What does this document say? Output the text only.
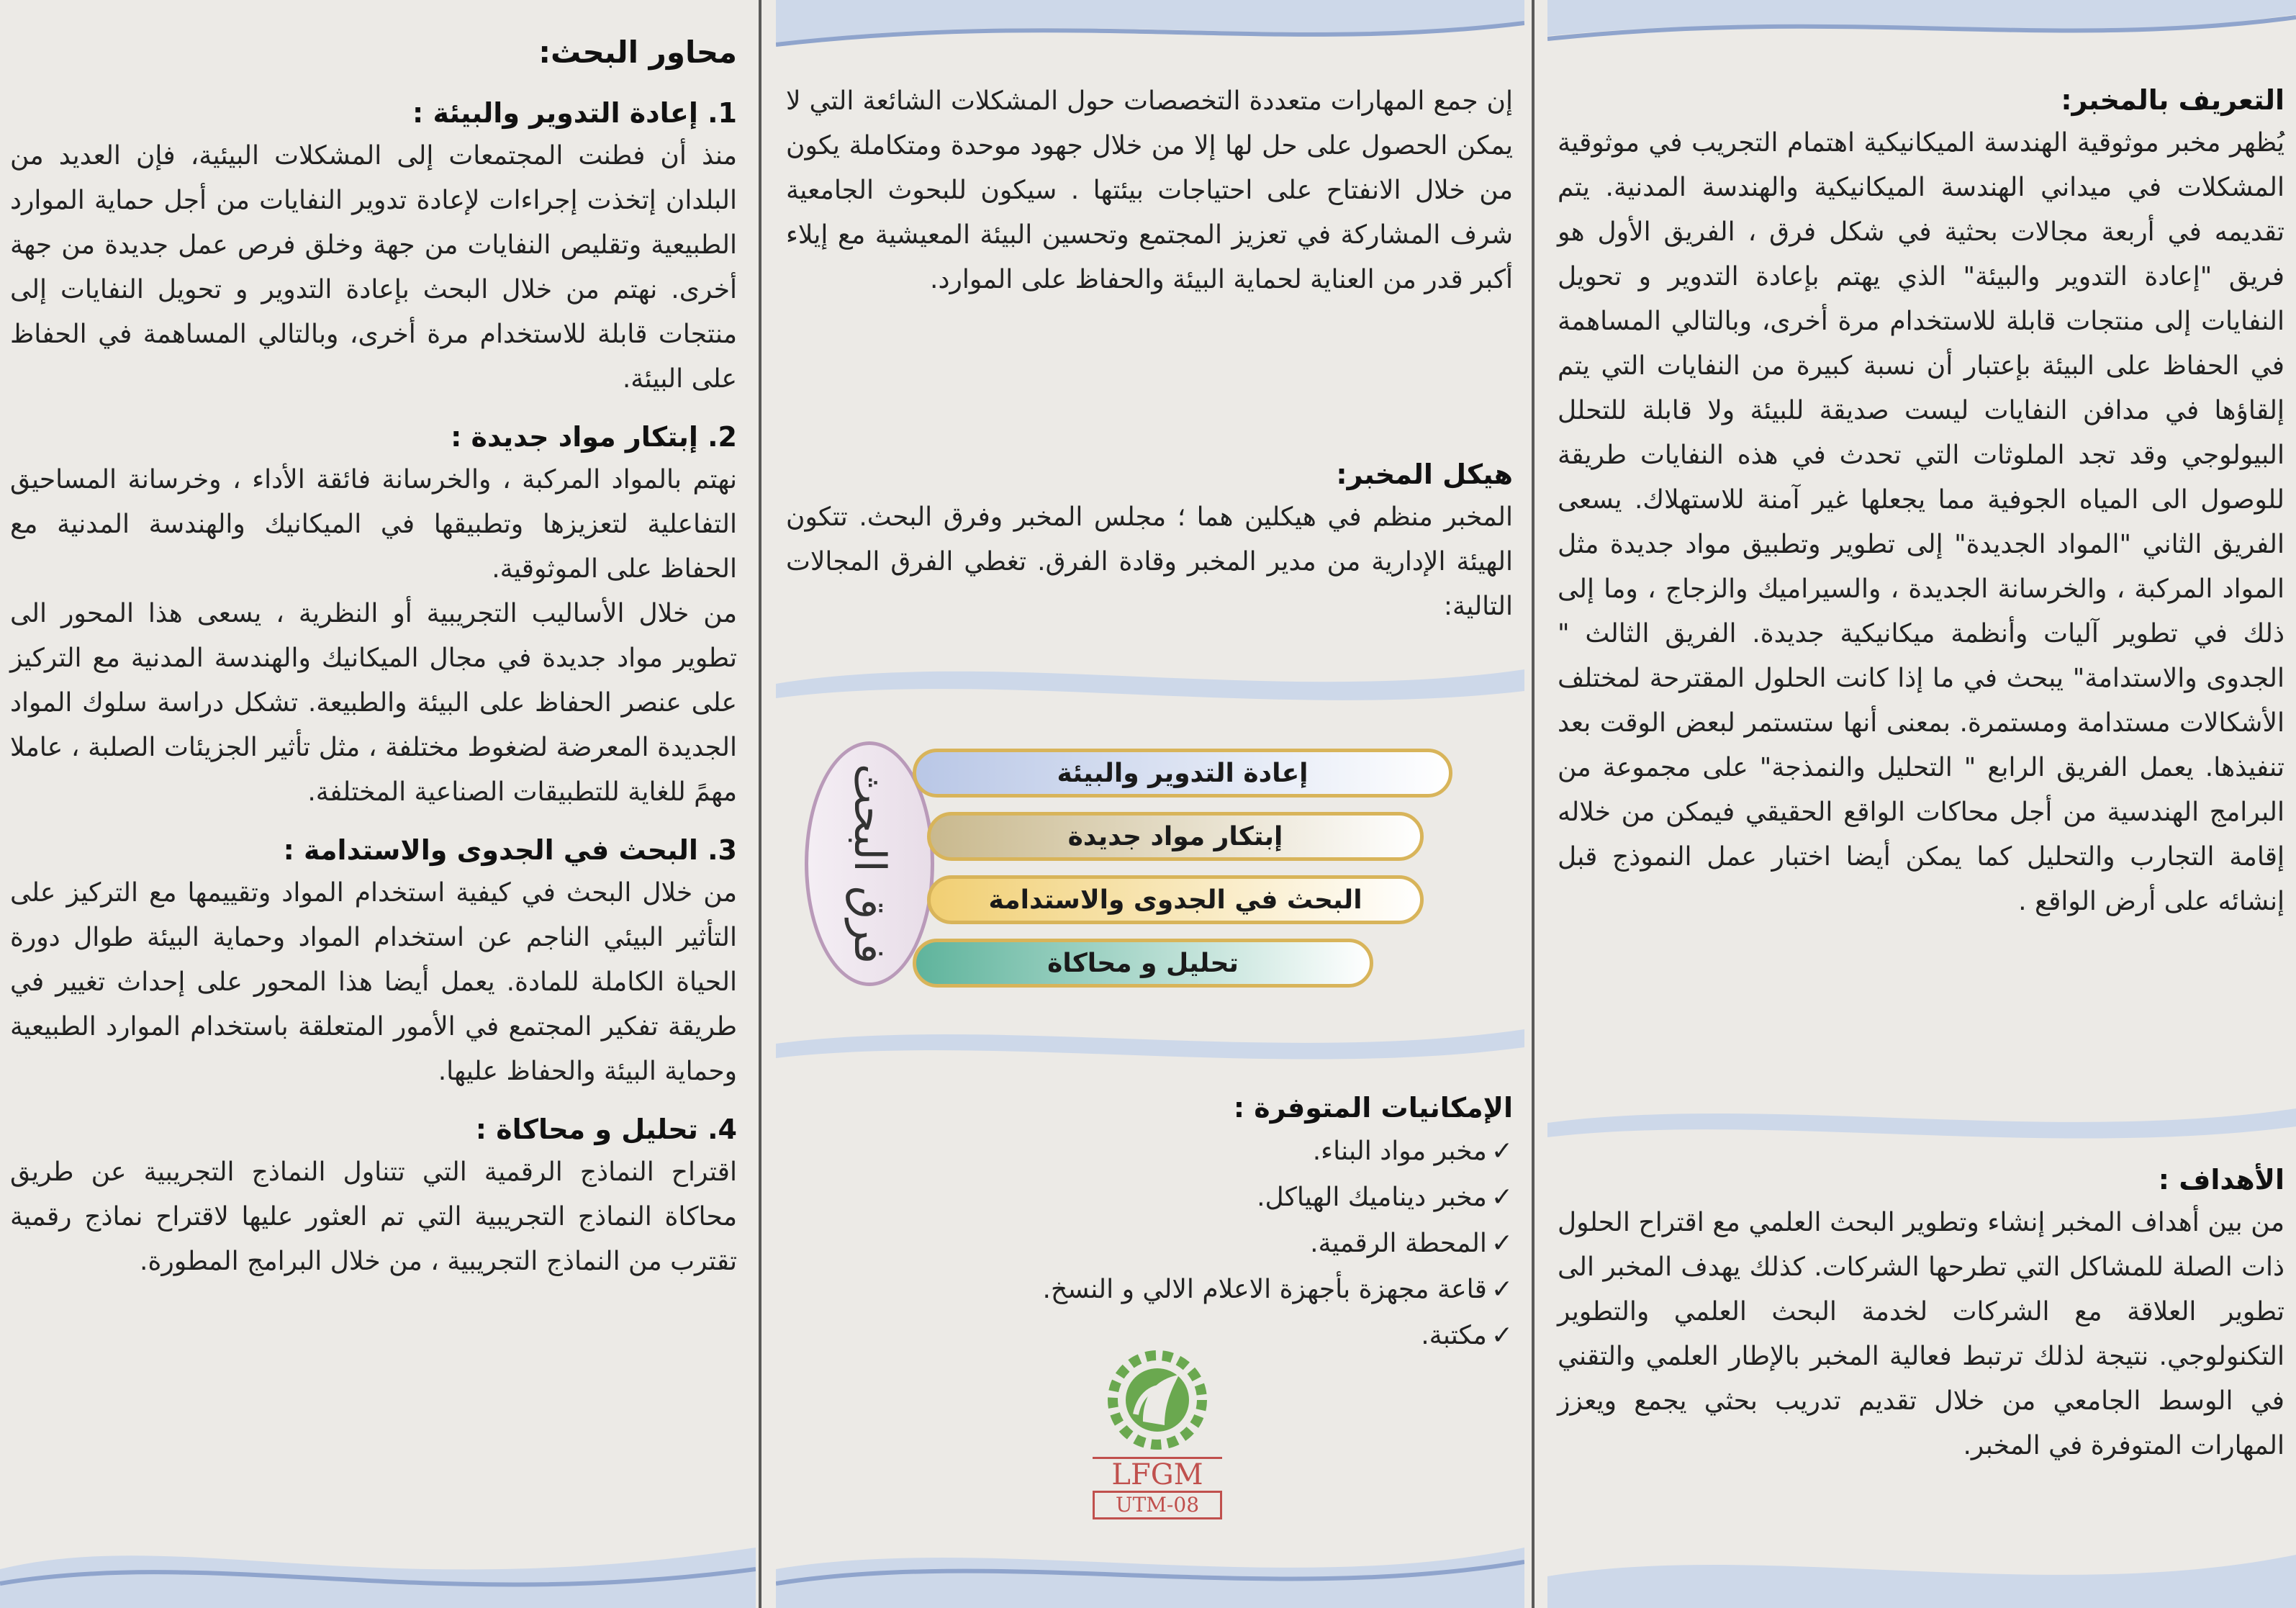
محاور البحث:
1. إعادة التدوير والبيئة :

منذ أن فطنت المجتمعات إلى المشكلات البيئية، فإن العديد من البلدان إتخذت إجراءات لإعادة تدوير النفايات من أجل حماية الموارد الطبيعية وتقليص النفايات من جهة وخلق فرص عمل جديدة من جهة أخرى. نهتم من خلال البحث بإعادة التدوير و تحويل النفايات إلى منتجات قابلة للاستخدام مرة أخرى، وبالتالي المساهمة في الحفاظ على البيئة.

2. إبتكار مواد جديدة :

نهتم بالمواد المركبة ، والخرسانة فائقة الأداء ، وخرسانة المساحيق التفاعلية لتعزيزها وتطبيقها في الميكانيك والهندسة المدنية مع الحفاظ على الموثوقية.

من خلال الأساليب التجريبية أو النظرية ، يسعى هذا المحور الى تطوير مواد جديدة في مجال الميكانيك والهندسة المدنية مع التركيز على عنصر الحفاظ على البيئة والطبيعة. تشكل دراسة سلوك المواد الجديدة المعرضة لضغوط مختلفة ، مثل تأثير الجزيئات الصلبة ، عاملا مهمً للغاية للتطبيقات الصناعية المختلفة.

3. البحث في الجدوى والاستدامة :

من خلال البحث في كيفية استخدام المواد وتقييمها مع التركيز على التأثير البيئي الناجم عن استخدام المواد وحماية البيئة طوال دورة الحياة الكاملة للمادة. يعمل أيضا هذا المحور على إحداث تغيير في طريقة تفكير المجتمع في الأمور المتعلقة باستخدام الموارد الطبيعية وحماية البيئة والحفاظ عليها.

4. تحليل و محاكاة :

اقتراح النماذج الرقمية التي تتناول النماذج التجريبية عن طريق محاكاة النماذج التجريبية التي تم العثور عليها لاقتراح نماذج رقمية تقترب من النماذج التجريبية ، من خلال البرامج المطورة.

إن جمع المهارات متعددة التخصصات حول المشكلات الشائعة التي لا يمكن الحصول على حل لها إلا من خلال جهود موحدة ومتكاملة يكون من خلال الانفتاح على احتياجات بيئتها . سيكون للبحوث الجامعية شرف المشاركة في تعزيز المجتمع وتحسين البيئة المعيشية مع إيلاء أكبر قدر من العناية لحماية البيئة والحفاظ على الموارد.

هيكل المخبر:

المخبر منظم في هيكلين هما ؛ مجلس المخبر وفرق البحث. تتكون الهيئة الإدارية من مدير المخبر وقادة الفرق. تغطي الفرق المجالات التالية:

فرق البحث	إعادة التدوير والبيئة
إبتكار مواد جديدة
البحث في الجدوى والاستدامة
تحليل و محاكاة
الإمكانيات المتوفرة :
✓مخبر مواد البناء.
✓مخبر ديناميك الهياكل.
✓المحطة الرقمية.
✓قاعة مجهزة بأجهزة الاعلام الالي و النسخ.
✓مكتبة.
LFGM
UTM-08
التعريف بالمخبر:

يُظهر مخبر موثوقية الهندسة الميكانيكية اهتمام التجريب في موثوقية المشكلات في ميداني الهندسة الميكانيكية والهندسة المدنية. يتم تقديمه في أربعة مجالات بحثية في شكل فرق ، الفريق الأول هو فريق "إعادة التدوير والبيئة" الذي يهتم بإعادة التدوير و تحويل النفايات إلى منتجات قابلة للاستخدام مرة أخرى، وبالتالي المساهمة في الحفاظ على البيئة بإعتبار أن نسبة كبيرة من النفايات التي يتم إلقاؤها في مدافن النفايات ليست صديقة للبيئة ولا قابلة للتحلل البيولوجي وقد تجد الملوثات التي تحدث في هذه النفايات طريقة للوصول الى المياه الجوفية مما يجعلها غير آمنة للاستهلاك. يسعى الفريق الثاني "المواد الجديدة" إلى تطوير وتطبيق مواد جديدة مثل المواد المركبة ، والخرسانة الجديدة ، والسيراميك والزجاج ، وما إلى ذلك في تطوير آليات وأنظمة ميكانيكية جديدة. الفريق الثالث " الجدوى والاستدامة" يبحث في ما إذا كانت الحلول المقترحة لمختلف الأشكالات مستدامة ومستمرة. بمعنى أنها ستستمر لبعض الوقت بعد تنفيذها. يعمل الفريق الرابع " التحليل والنمذجة" على مجموعة من البرامج الهندسية من أجل محاكات الواقع الحقيقي فيمكن من خلاله إقامة التجارب والتحليل كما يمكن أيضا اختبار عمل النموذج قبل إنشائه على أرض الواقع .

الأهداف :

من بين أهداف المخبر إنشاء وتطوير البحث العلمي مع اقتراح الحلول ذات الصلة للمشاكل التي تطرحها الشركات. كذلك يهدف المخبر الى تطوير العلاقة مع الشركات لخدمة البحث العلمي والتطوير التكنولوجي. نتيجة لذلك ترتبط فعالية المخبر بالإطار العلمي والتقني في الوسط الجامعي من خلال تقديم تدريب بحثي يجمع ويعزز المهارات المتوفرة في المخبر.
